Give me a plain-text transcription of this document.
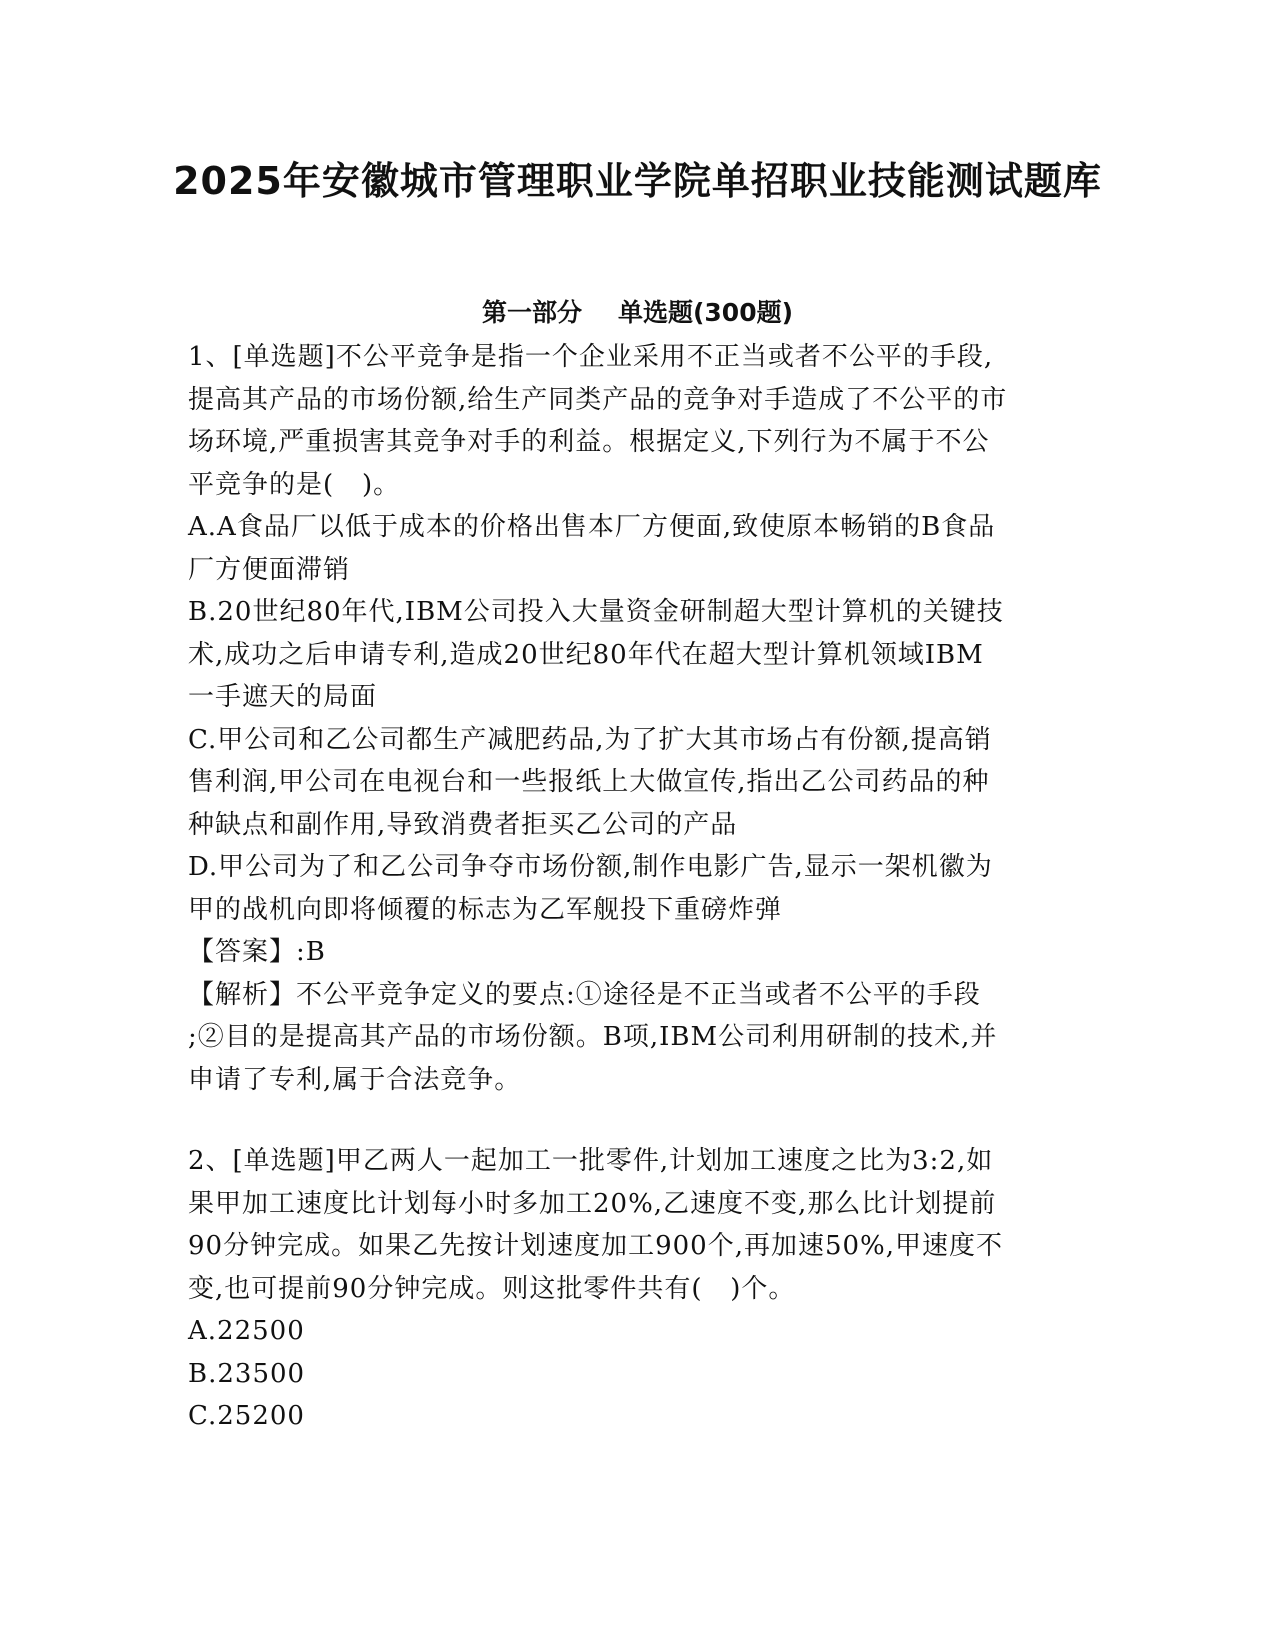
2025年安徽城市管理职业学院单招职业技能测试题库
第一部分 单选题(300题)
1、[单选题]不公平竞争是指一个企业采用不正当或者不公平的手段,
提高其产品的市场份额,给生产同类产品的竞争对手造成了不公平的市
场环境,严重损害其竞争对手的利益。根据定义,下列行为不属于不公
平竞争的是(   )。
A.A食品厂以低于成本的价格出售本厂方便面,致使原本畅销的B食品
厂方便面滞销
B.20世纪80年代,IBM公司投入大量资金研制超大型计算机的关键技
术,成功之后申请专利,造成20世纪80年代在超大型计算机领域IBM
一手遮天的局面
C.甲公司和乙公司都生产减肥药品,为了扩大其市场占有份额,提高销
售利润,甲公司在电视台和一些报纸上大做宣传,指出乙公司药品的种
种缺点和副作用,导致消费者拒买乙公司的产品
D.甲公司为了和乙公司争夺市场份额,制作电影广告,显示一架机徽为
甲的战机向即将倾覆的标志为乙军舰投下重磅炸弹
【答案】:B
【解析】不公平竞争定义的要点:①途径是不正当或者不公平的手段
;②目的是提高其产品的市场份额。B项,IBM公司利用研制的技术,并
申请了专利,属于合法竞争。
2、[单选题]甲乙两人一起加工一批零件,计划加工速度之比为3:2,如
果甲加工速度比计划每小时多加工20%,乙速度不变,那么比计划提前
90分钟完成。如果乙先按计划速度加工900个,再加速50%,甲速度不
变,也可提前90分钟完成。则这批零件共有(   )个。
A.22500
B.23500
C.25200
